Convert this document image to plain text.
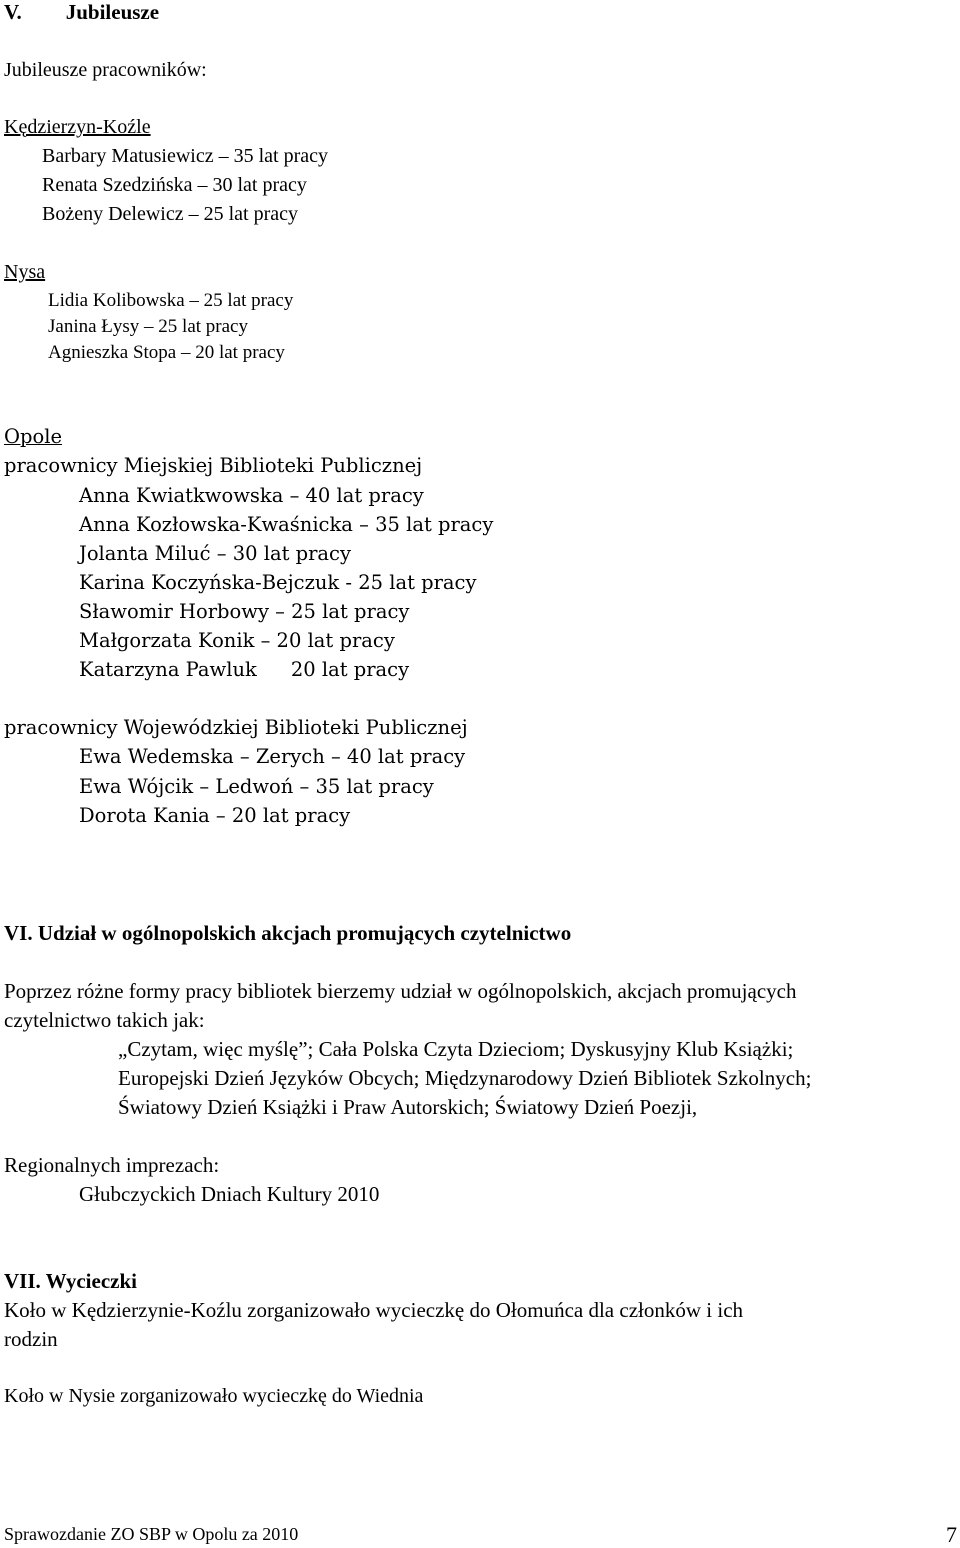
V. Jubileusze
Jubileusze pracowników:
Kędzierzyn-Koźle
Barbary Matusiewicz – 35 lat pracy
Renata Szedzińska – 30 lat pracy
Bożeny Delewicz – 25 lat pracy
Nysa
Lidia Kolibowska – 25 lat pracy
Janina Łysy – 25 lat pracy
Agnieszka Stopa – 20 lat pracy
Opole
pracownicy Miejskiej Biblioteki Publicznej
Anna Kwiatkwowska – 40 lat pracy
Anna Kozłowska-Kwaśnicka – 35 lat pracy
Jolanta Miluć – 30 lat pracy
Karina Koczyńska-Bejczuk - 25 lat pracy
Sławomir Horbowy – 25 lat pracy
Małgorzata Konik – 20 lat pracy
Katarzyna Pawluk 20 lat pracy
pracownicy Wojewódzkiej Biblioteki Publicznej
Ewa Wedemska – Zerych – 40 lat pracy
Ewa Wójcik – Ledwoń – 35 lat pracy
Dorota Kania – 20 lat pracy
VI. Udział w ogólnopolskich akcjach promujących czytelnictwo
Poprzez różne formy pracy bibliotek bierzemy udział w ogólnopolskich, akcjach promujących
czytelnictwo takich jak:
„Czytam, więc myślę”; Cała Polska Czyta Dzieciom; Dyskusyjny Klub Książki;
Europejski Dzień Języków Obcych; Międzynarodowy Dzień Bibliotek Szkolnych;
Światowy Dzień Książki i Praw Autorskich; Światowy Dzień Poezji,
Regionalnych imprezach:
Głubczyckich Dniach Kultury 2010
VII. Wycieczki
Koło w Kędzierzynie-Koźlu zorganizowało wycieczkę do Ołomuńca dla członków i ich
rodzin
Koło w Nysie zorganizowało wycieczkę do Wiednia
Sprawozdanie ZO SBP w Opolu za 2010	7
